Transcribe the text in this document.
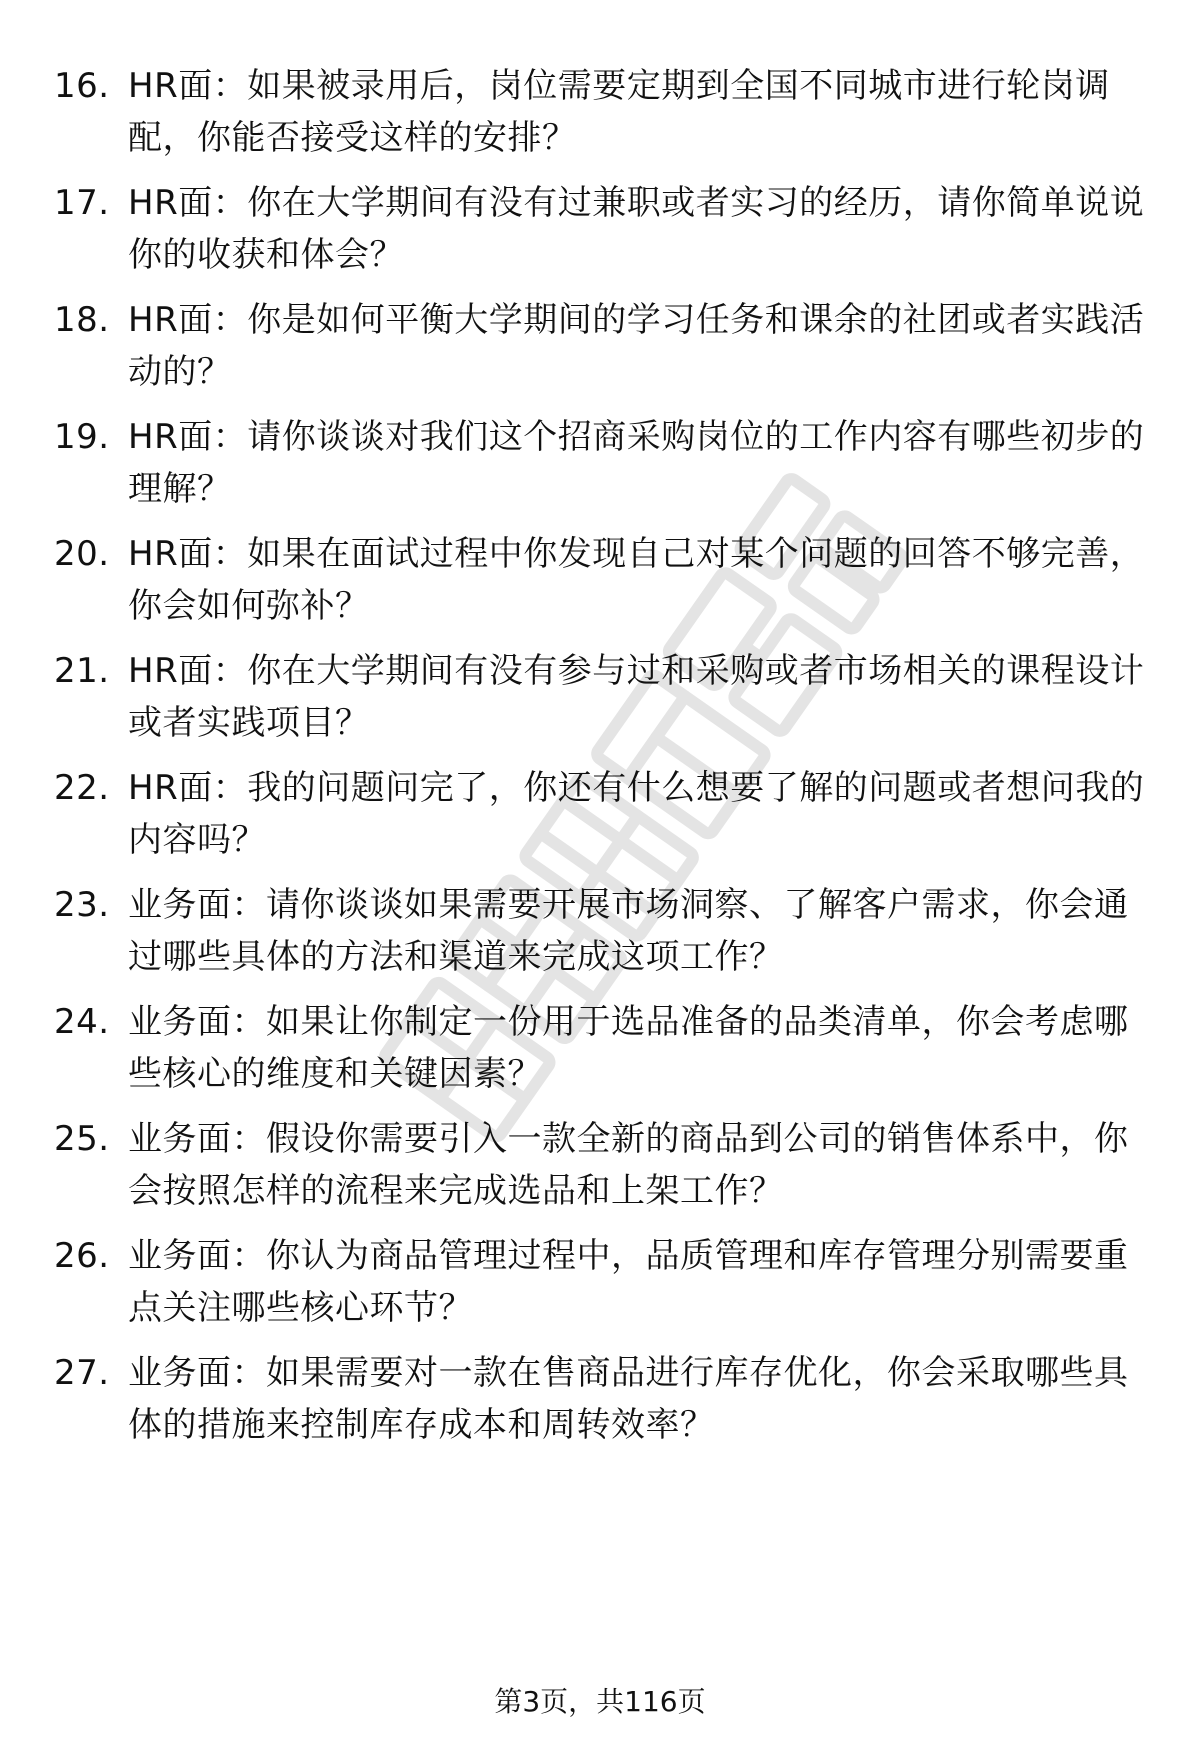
16. HR面：如果被录用后，岗位需要定期到全国不同城市进行轮岗调配，你能否接受这样的安排？
17. HR面：你在大学期间有没有过兼职或者实习的经历，请你简单说说你的收获和体会？
18. HR面：你是如何平衡大学期间的学习任务和课余的社团或者实践活动的？
19. HR面：请你谈谈对我们这个招商采购岗位的工作内容有哪些初步的理解？
20. HR面：如果在面试过程中你发现自己对某个问题的回答不够完善，你会如何弥补？
21. HR面：你在大学期间有没有参与过和采购或者市场相关的课程设计或者实践项目？
22. HR面：我的问题问完了，你还有什么想要了解的问题或者想问我的内容吗？
23. 业务面：请你谈谈如果需要开展市场洞察、了解客户需求，你会通过哪些具体的方法和渠道来完成这项工作？
24. 业务面：如果让你制定一份用于选品准备的品类清单，你会考虑哪些核心的维度和关键因素？
25. 业务面：假设你需要引入一款全新的商品到公司的销售体系中，你会按照怎样的流程来完成选品和上架工作？
26. 业务面：你认为商品管理过程中，品质管理和库存管理分别需要重点关注哪些核心环节？
27. 业务面：如果需要对一款在售商品进行库存优化，你会采取哪些具体的措施来控制库存成本和周转效率？
第3页，共116页
